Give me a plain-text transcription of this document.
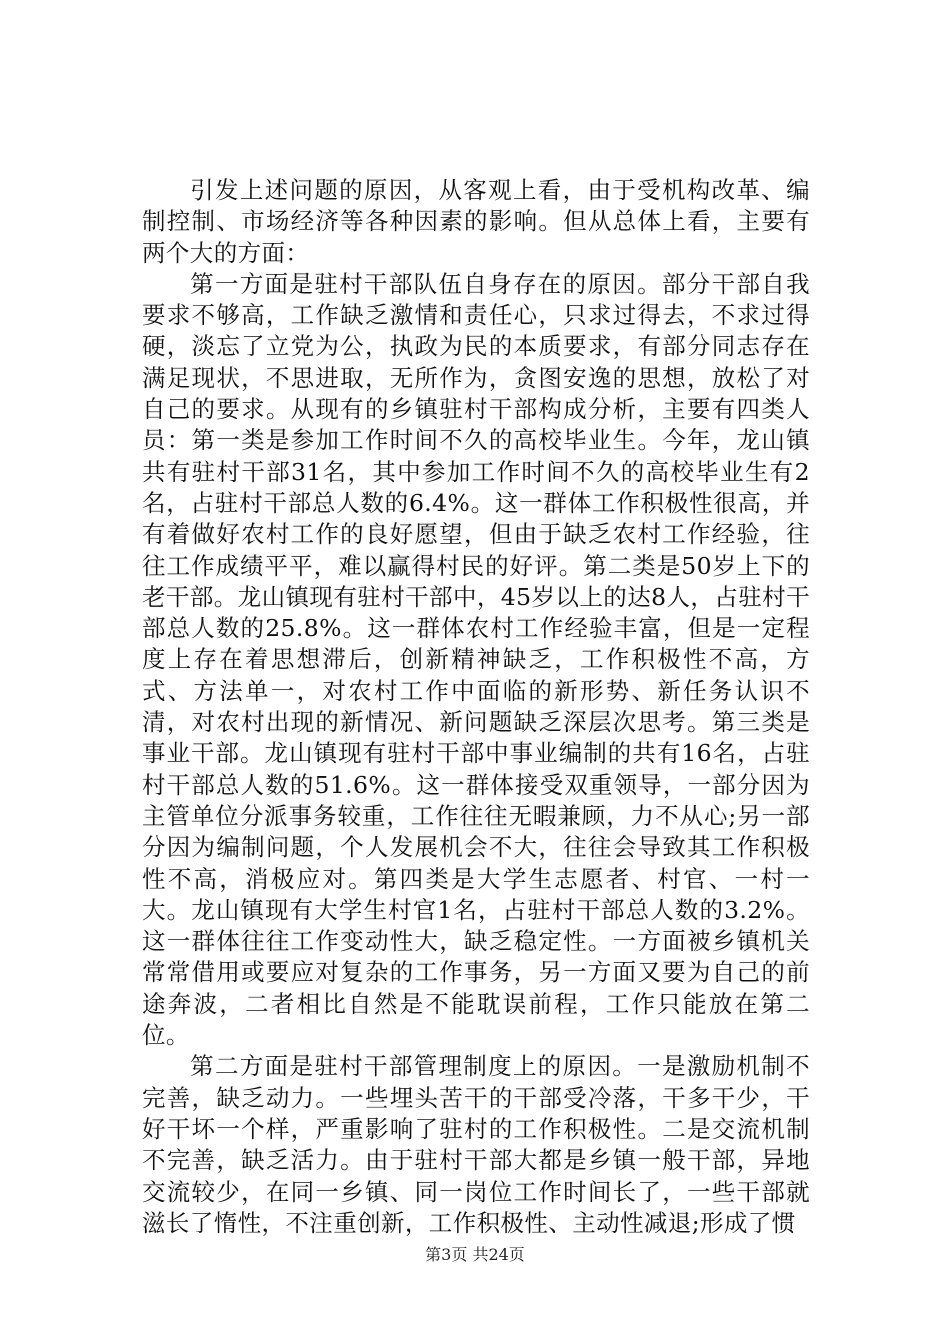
引发上述问题的原因，从客观上看，由于受机构改革、编制控制、市场经济等各种因素的影响。但从总体上看，主要有两个大的方面：

第一方面是驻村干部队伍自身存在的原因。部分干部自我要求不够高，工作缺乏激情和责任心，只求过得去，不求过得硬，淡忘了立党为公，执政为民的本质要求，有部分同志存在满足现状，不思进取，无所作为，贪图安逸的思想，放松了对自己的要求。从现有的乡镇驻村干部构成分析，主要有四类人员：第一类是参加工作时间不久的高校毕业生。今年，龙山镇共有驻村干部31名，其中参加工作时间不久的高校毕业生有2名，占驻村干部总人数的6.4%。这一群体工作积极性很高，并有着做好农村工作的良好愿望，但由于缺乏农村工作经验，往往工作成绩平平，难以赢得村民的好评。第二类是50岁上下的老干部。龙山镇现有驻村干部中，45岁以上的达8人，占驻村干部总人数的25.8%。这一群体农村工作经验丰富，但是一定程度上存在着思想滞后，创新精神缺乏，工作积极性不高，方式、方法单一，对农村工作中面临的新形势、新任务认识不清，对农村出现的新情况、新问题缺乏深层次思考。第三类是事业干部。龙山镇现有驻村干部中事业编制的共有16名，占驻村干部总人数的51.6%。这一群体接受双重领导，一部分因为主管单位分派事务较重，工作往往无暇兼顾，力不从心;另一部分因为编制问题，个人发展机会不大，往往会导致其工作积极性不高，消极应对。第四类是大学生志愿者、村官、一村一大。龙山镇现有大学生村官1名，占驻村干部总人数的3.2%。这一群体往往工作变动性大，缺乏稳定性。一方面被乡镇机关常常借用或要应对复杂的工作事务，另一方面又要为自己的前途奔波，二者相比自然是不能耽误前程，工作只能放在第二位。

第二方面是驻村干部管理制度上的原因。一是激励机制不完善，缺乏动力。一些埋头苦干的干部受冷落，干多干少，干好干坏一个样，严重影响了驻村的工作积极性。二是交流机制不完善，缺乏活力。由于驻村干部大都是乡镇一般干部，异地交流较少，在同一乡镇、同一岗位工作时间长了，一些干部就滋长了惰性，不注重创新，工作积极性、主动性减退;形成了惯

第3页 共24页
